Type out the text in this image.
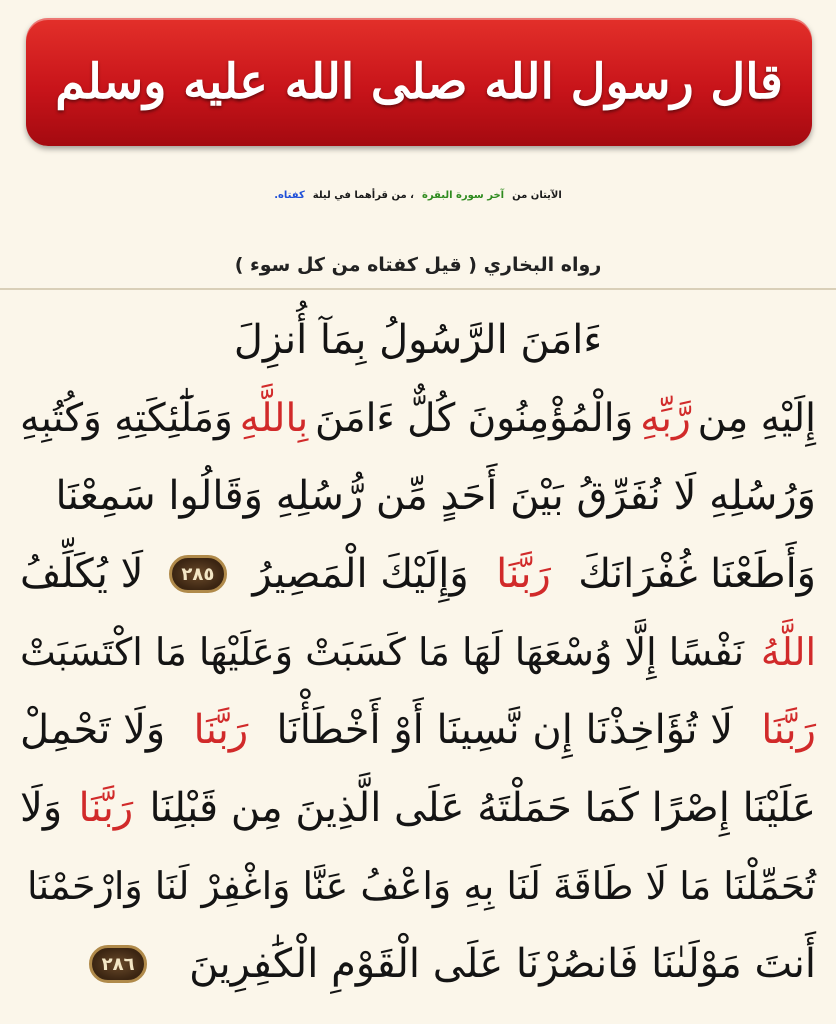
قال رسول الله صلى الله عليه وسلم
الآيتان من
آخر سورة البقرة
، من قرأهما في ليلة
كفتاه.
رواه البخاري ( قيل كفتاه من كل سوء )
ءَامَنَ الرَّسُولُ بِمَآ أُنزِلَ
إِلَيْهِ مِن
رَّبِّهِ
وَالْمُؤْمِنُونَ كُلٌّ ءَامَنَ
بِاللَّهِ
وَمَلَٰٓئِكَتِهِ وَكُتُبِهِ
وَرُسُلِهِ لَا نُفَرِّقُ بَيْنَ أَحَدٍ مِّن رُّسُلِهِ وَقَالُوا سَمِعْنَا
وَأَطَعْنَا غُفْرَانَكَ
رَبَّنَا
وَإِلَيْكَ الْمَصِيرُ
٢٨٥
لَا يُكَلِّفُ
اللَّهُ
نَفْسًا إِلَّا وُسْعَهَا لَهَا مَا كَسَبَتْ وَعَلَيْهَا مَا اكْتَسَبَتْ
رَبَّنَا
لَا تُؤَاخِذْنَا إِن نَّسِينَا أَوْ أَخْطَأْنَا
رَبَّنَا
وَلَا تَحْمِلْ
عَلَيْنَا إِصْرًا كَمَا حَمَلْتَهُ عَلَى الَّذِينَ مِن قَبْلِنَا
رَبَّنَا
وَلَا
تُحَمِّلْنَا مَا لَا طَاقَةَ لَنَا بِهِ وَاعْفُ عَنَّا وَاغْفِرْ لَنَا وَارْحَمْنَا
أَنتَ مَوْلَىٰنَا فَانصُرْنَا عَلَى الْقَوْمِ الْكَٰفِرِينَ
٢٨٦
